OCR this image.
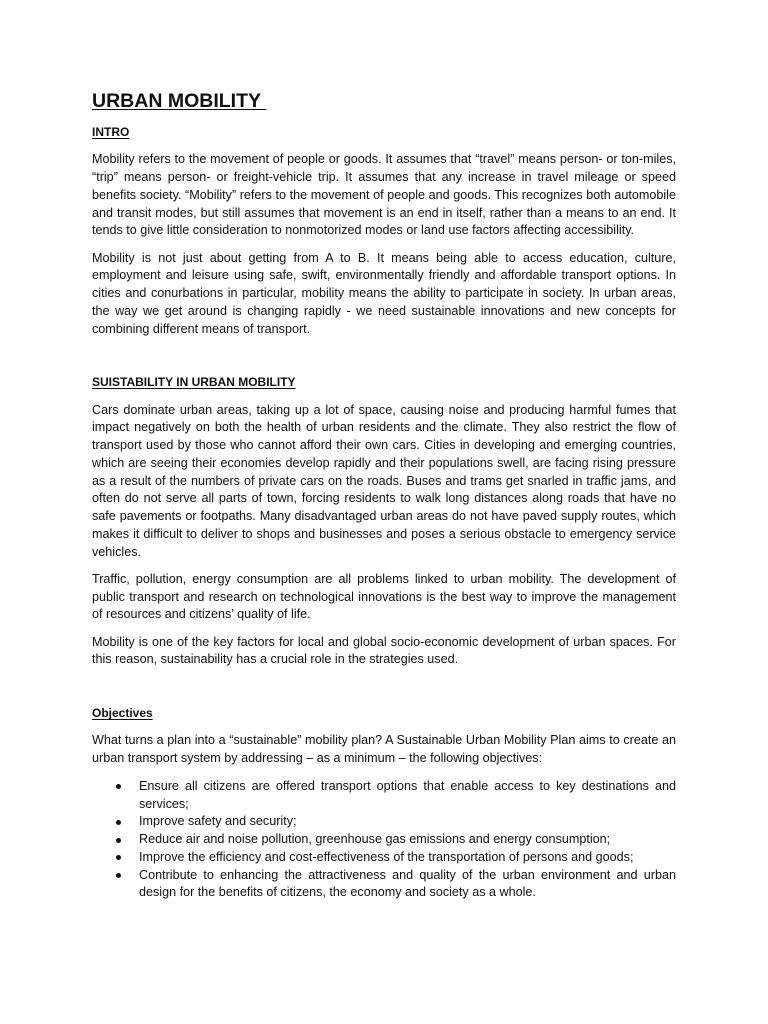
URBAN MOBILITY
INTRO

Mobility refers to the movement of people or goods. It assumes that “travel” means person- or ton-miles, “trip” means person- or freight-vehicle trip. It assumes that any increase in travel mileage or speed benefits society. “Mobility” refers to the movement of people and goods. This recognizes both automobile and transit modes, but still assumes that movement is an end in itself, rather than a means to an end. It tends to give little consideration to nonmotorized modes or land use factors affecting accessibility.

Mobility is not just about getting from A to B. It means being able to access education, culture, employment and leisure using safe, swift, environmentally friendly and affordable transport options. In cities and conurbations in particular, mobility means the ability to participate in society. In urban areas, the way we get around is changing rapidly - we need sustainable innovations and new concepts for combining different means of transport.

SUISTABILITY IN URBAN MOBILITY

Cars dominate urban areas, taking up a lot of space, causing noise and producing harmful fumes that impact negatively on both the health of urban residents and the climate. They also restrict the flow of transport used by those who cannot afford their own cars. Cities in developing and emerging countries, which are seeing their economies develop rapidly and their populations swell, are facing rising pressure as a result of the numbers of private cars on the roads. Buses and trams get snarled in traffic jams, and often do not serve all parts of town, forcing residents to walk long distances along roads that have no safe pavements or footpaths. Many disadvantaged urban areas do not have paved supply routes, which makes it difficult to deliver to shops and businesses and poses a serious obstacle to emergency service vehicles.

Traffic, pollution, energy consumption are all problems linked to urban mobility. The development of public transport and research on technological innovations is the best way to improve the management of resources and citizens’ quality of life.

Mobility is one of the key factors for local and global socio-economic development of urban spaces. For this reason, sustainability has a crucial role in the strategies used.

Objectives

What turns a plan into a “sustainable” mobility plan? A Sustainable Urban Mobility Plan aims to create an urban transport system by addressing – as a minimum – the following objectives:

Ensure all citizens are offered transport options that enable access to key destinations and services;
Improve safety and security;
Reduce air and noise pollution, greenhouse gas emissions and energy consumption;
Improve the efficiency and cost-effectiveness of the transportation of persons and goods;
Contribute to enhancing the attractiveness and quality of the urban environment and urban design for the benefits of citizens, the economy and society as a whole.
